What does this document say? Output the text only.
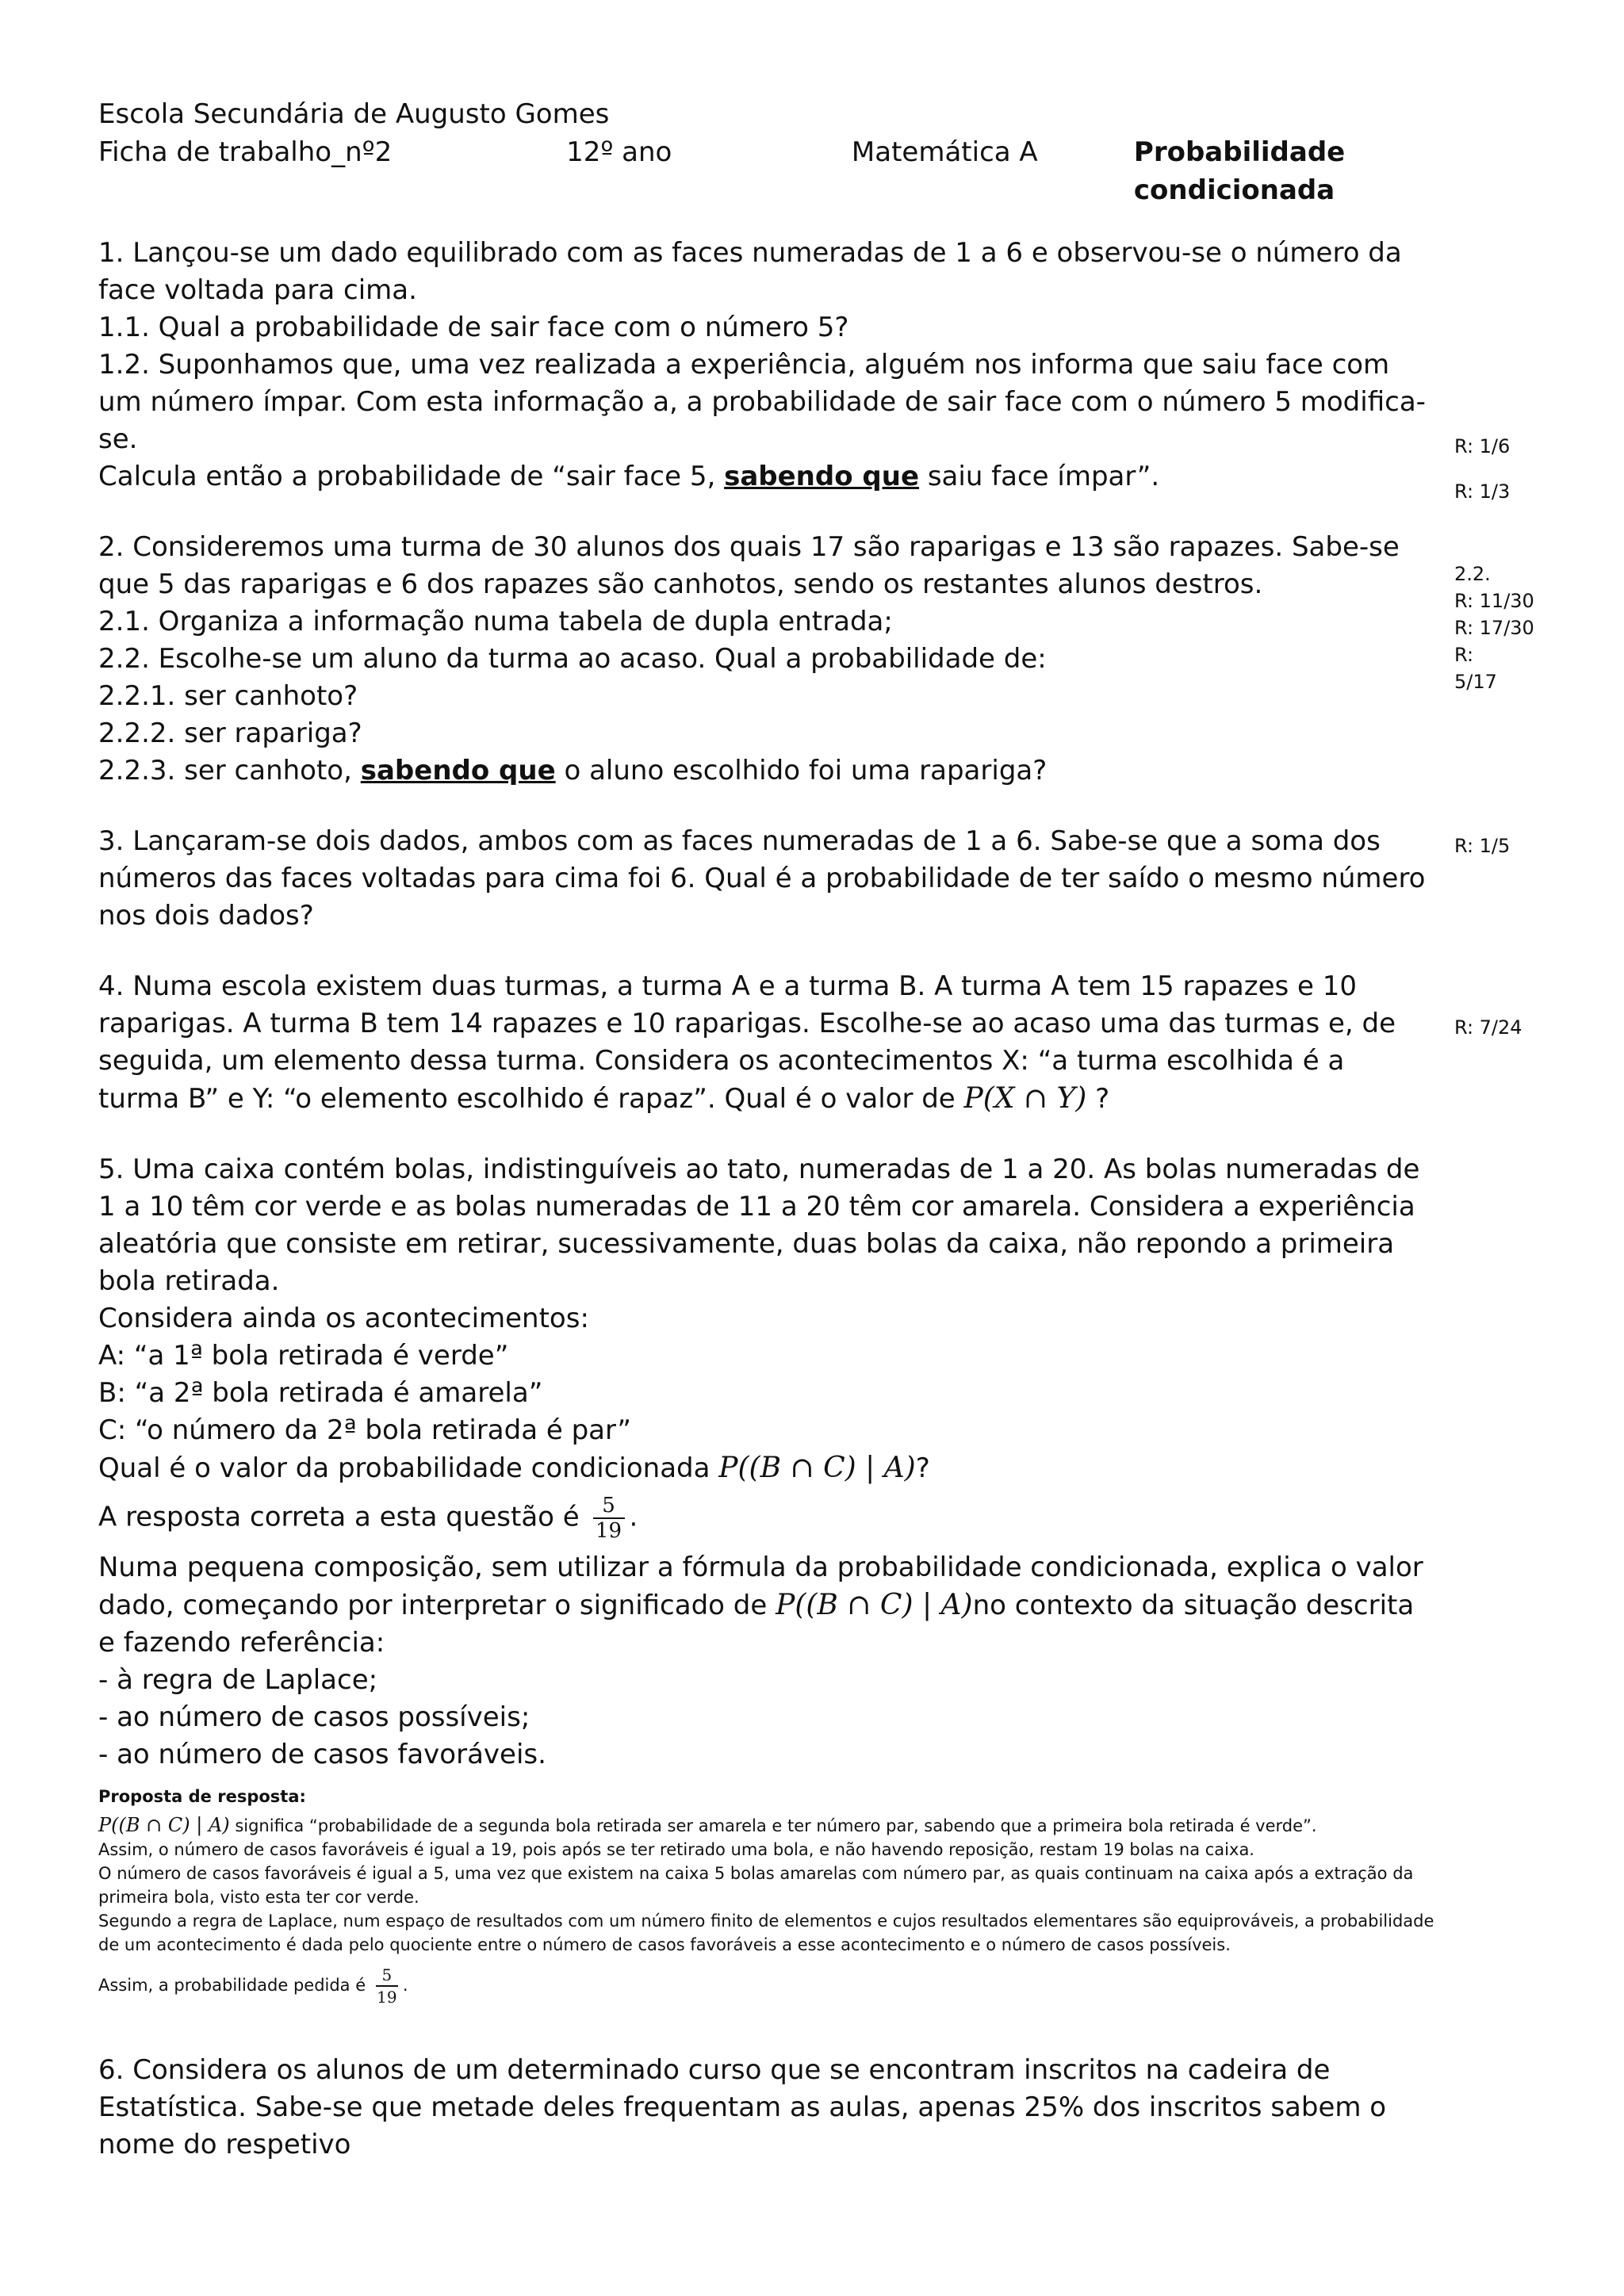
Escola Secundária de Augusto Gomes
Ficha de trabalho_nº2	12º ano	Matemática A	Probabilidade condicionada

1. Lançou-se um dado equilibrado com as faces numeradas de 1 a 6 e observou-se o número da face voltada para cima.

1.1. Qual a probabilidade de sair face com o número 5?

1.2. Suponhamos que, uma vez realizada a experiência, alguém nos informa que saiu face com um número ímpar. Com esta informação a, a probabilidade de sair face com o número 5 modifica-se.

Calcula então a probabilidade de “sair face 5, sabendo que saiu face ímpar”.

R: 1/6
R: 1/3

2. Consideremos uma turma de 30 alunos dos quais 17 são raparigas e 13 são rapazes. Sabe-se que 5 das raparigas e 6 dos rapazes são canhotos, sendo os restantes alunos destros.

2.1. Organiza a informação numa tabela de dupla entrada;

2.2. Escolhe-se um aluno da turma ao acaso. Qual a probabilidade de:

2.2.1. ser canhoto?

2.2.2. ser rapariga?

2.2.3. ser canhoto, sabendo que o aluno escolhido foi uma rapariga?

2.2.
R: 11/30
R: 17/30
R:
5/17

3. Lançaram-se dois dados, ambos com as faces numeradas de 1 a 6. Sabe-se que a soma dos números das faces voltadas para cima foi 6. Qual é a probabilidade de ter saído o mesmo número nos dois dados?

R: 1/5

4. Numa escola existem duas turmas, a turma A e a turma B. A turma A tem 15 rapazes e 10 raparigas. A turma B tem 14 rapazes e 10 raparigas. Escolhe-se ao acaso uma das turmas e, de seguida, um elemento dessa turma. Considera os acontecimentos X: “a turma escolhida é a turma B” e Y: “o elemento escolhido é rapaz”. Qual é o valor de P(X ∩ Y) ?

R: 7/24

5. Uma caixa contém bolas, indistinguíveis ao tato, numeradas de 1 a 20. As bolas numeradas de 1 a 10 têm cor verde e as bolas numeradas de 11 a 20 têm cor amarela. Considera a experiência aleatória que consiste em retirar, sucessivamente, duas bolas da caixa, não repondo a primeira bola retirada.

Considera ainda os acontecimentos:

A: “a 1ª bola retirada é verde”

B: “a 2ª bola retirada é amarela”

C: “o número da 2ª bola retirada é par”

Qual é o valor da probabilidade condicionada P((B ∩ C) | A)?

A resposta correta a esta questão é $\frac{5}{19}$ .

Numa pequena composição, sem utilizar a fórmula da probabilidade condicionada, explica o valor dado, começando por interpretar o significado de P((B ∩ C) | A)no contexto da situação descrita e fazendo referência:

- à regra de Laplace;

- ao número de casos possíveis;

- ao número de casos favoráveis.

Proposta de resposta:

P((B ∩ C) | A) significa “probabilidade de a segunda bola retirada ser amarela e ter número par, sabendo que a primeira bola retirada é verde”.

Assim, o número de casos favoráveis é igual a 19, pois após se ter retirado uma bola, e não havendo reposição, restam 19 bolas na caixa.

O número de casos favoráveis é igual a 5, uma vez que existem na caixa 5 bolas amarelas com número par, as quais continuam na caixa após a extração da primeira bola, visto esta ter cor verde.

Segundo a regra de Laplace, num espaço de resultados com um número finito de elementos e cujos resultados elementares são equiprováveis, a probabilidade de um acontecimento é dada pelo quociente entre o número de casos favoráveis a esse acontecimento e o número de casos possíveis.

Assim, a probabilidade pedida é $\frac{5}{19}$ .

6. Considera os alunos de um determinado curso que se encontram inscritos na cadeira de Estatística. Sabe-se que metade deles frequentam as aulas, apenas 25% dos inscritos sabem o nome do respetivo
